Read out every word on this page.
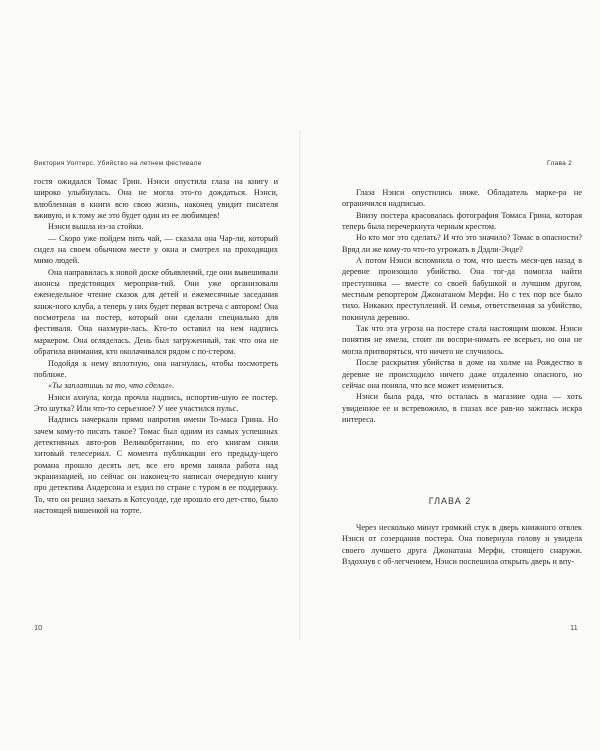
Виктория Уолтерс. Убийство на летнем фестивале

гостя ожидался Томас Грин. Нэнси опустила глаза на книгу и широко улыбнулась. Она не могла это-го дождаться. Нэнси, влюбленная в книги всю свою жизнь, наконец увидит писателя вживую, и к тому же это будет один из ее любимцев!

Нэнси вышла из-за стойки.

— Скоро уже пойдем пить чай, — сказала она Чар-ли, который сидел на своем обычном месте у окна и смотрел на проходящих мимо людей.

Она направилась к новой доске объявлений, где они вывешивали анонсы предстоящих мероприя-тий. Они уже организовали еженедельное чтение сказок для детей и ежемесячные заседания книж-ного клуба, а теперь у них будет первая встреча с автором! Она посмотрела на постер, который они сделали специально для фестиваля. Она нахмури-лась. Кто-то оставил на нем надпись маркером. Она огляделась. День был загруженный, так что она не обратила внимания, кто околачивался рядом с по-стером.

Подойдя к нему вплотную, она нагнулась, чтобы посмотреть поближе.

«Ты заплатишь за то, что сделал».

Нэнси ахнула, когда прочла надпись, испортив-шую ее постер. Это шутка? Или что-то серьезное? У нее участился пульс.

Надпись начеркали прямо напротив имени То-маса Грина. Но зачем кому-то писать такое? Томас был одним из самых успешных детективных авто-ров Великобритании, по его книгам сняли хитовый телесериал. С момента публикации его предыду-щего романа прошло десять лет, все его время заняла работа над экранизацией, но сейчас он наконец-то написал очередную книгу про детектива Андерсона и ездил по стране с туром в ее поддержку. То, что он решил заехать в Котсуолде, где прошло его дет-ство, было настоящей вишенкой на торте.

10
Глава 2

Глаза Нэнси опустились ниже. Обладатель марке-ра не ограничился надписью.

Внизу постера красовалась фотография Томаса Грина, которая теперь была перечеркнута черным крестом.

Но кто мог это сделать? И что это значило? Томас в опасности? Вряд ли же кому-то что-то угрожать в Дэдли-Энде?

А потом Нэнси вспомнила о том, что шесть меся-цев назад в деревне произошло убийство. Она тог-да помогла найти преступника — вместе со своей бабушкой и лучшим другом, местным репортером Джонатаном Мерфи. Но с тех пор все было тихо. Никаких преступлений. И семья, ответственная за убийство, покинула деревню.

Так что эта угроза на постере стала настоящим шоком. Нэнси понятия не имела, стоит ли воспри-нимать ее всерьез, но она не могла притворяться, что ничего не случилось.

После раскрытия убийства в доме на холме на Рождество в деревне не происходило ничего даже отдаленно опасного, но сейчас она поняла, что все может измениться.

Нэнси была рада, что осталась в магазине одна — хоть увиденное ее и встревожило, в глазах все рав-но зажглась искра интереса.

ГЛАВА 2

Через несколько минут громкий стук в дверь книжного отвлек Нэнси от созерцания постера. Она повернула голову и увидела своего лучшего друга Джонатана Мерфи, стоящего снаружи. Вздохнув с об-легчением, Нэнси поспешила открыть дверь и впу-

11
